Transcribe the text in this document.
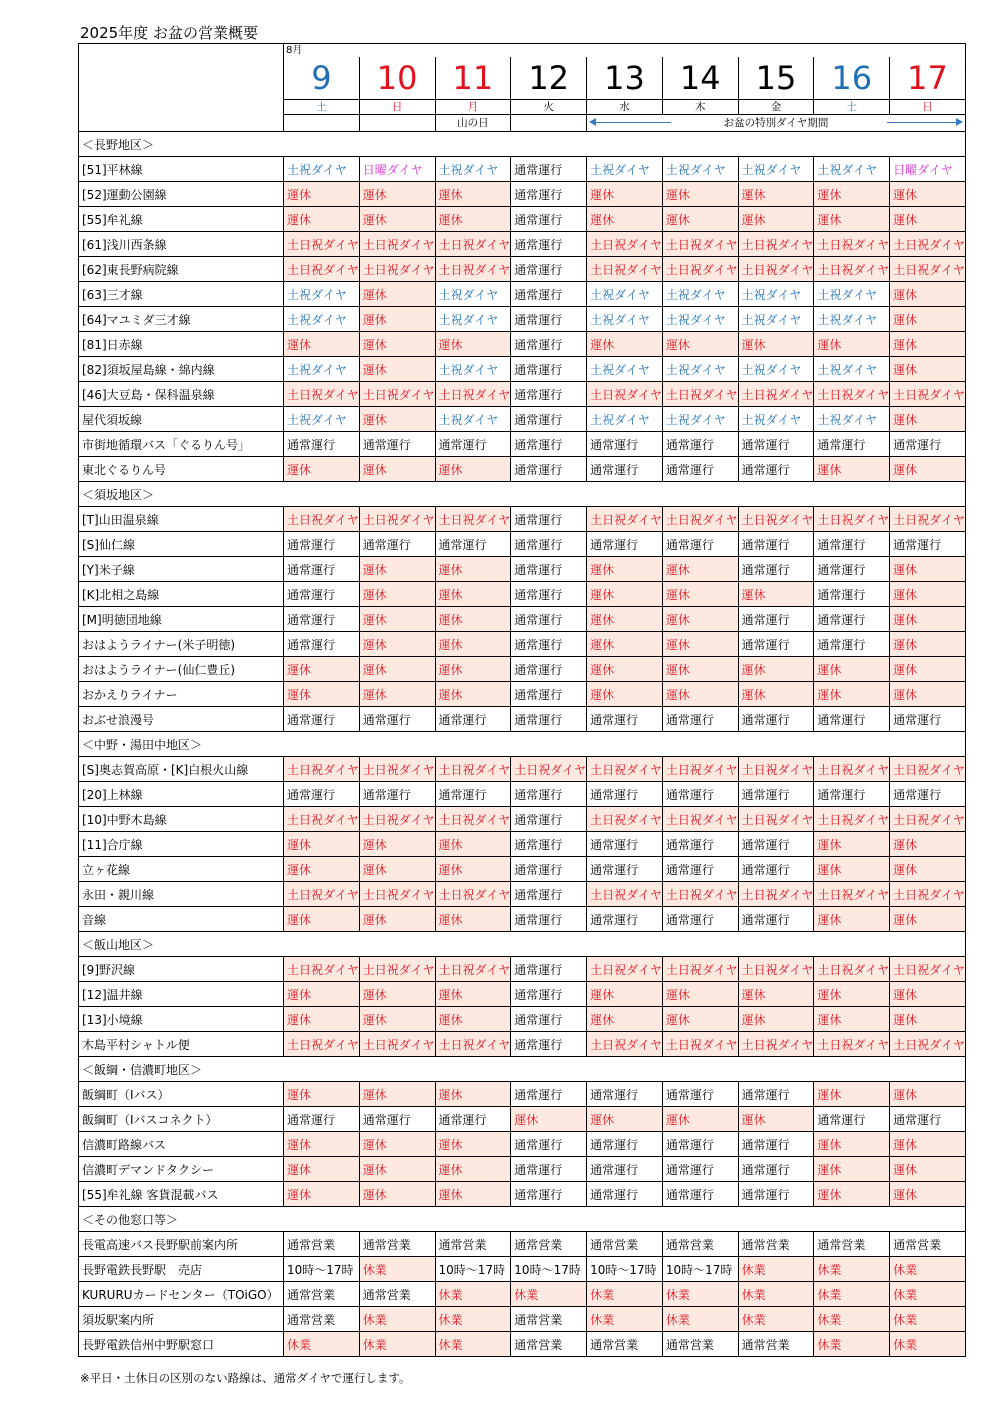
2025年度 お盆の営業概要
	8月								
	9	10	11	12	13	14	15	16	17
	土	日	月	火	水	木	金	土	日
			山の日		お盆の特別ダイヤ期間				

＜長野地区＞									
[51]平林線	土祝ダイヤ	日曜ダイヤ	土祝ダイヤ	通常運行	土祝ダイヤ	土祝ダイヤ	土祝ダイヤ	土祝ダイヤ	日曜ダイヤ
[52]運動公園線	運休	運休	運休	通常運行	運休	運休	運休	運休	運休
[55]牟礼線	運休	運休	運休	通常運行	運休	運休	運休	運休	運休
[61]浅川西条線	土日祝ダイヤ	土日祝ダイヤ	土日祝ダイヤ	通常運行	土日祝ダイヤ	土日祝ダイヤ	土日祝ダイヤ	土日祝ダイヤ	土日祝ダイヤ
[62]東長野病院線	土日祝ダイヤ	土日祝ダイヤ	土日祝ダイヤ	通常運行	土日祝ダイヤ	土日祝ダイヤ	土日祝ダイヤ	土日祝ダイヤ	土日祝ダイヤ
[63]三才線	土祝ダイヤ	運休	土祝ダイヤ	通常運行	土祝ダイヤ	土祝ダイヤ	土祝ダイヤ	土祝ダイヤ	運休
[64]マユミダ三才線	土祝ダイヤ	運休	土祝ダイヤ	通常運行	土祝ダイヤ	土祝ダイヤ	土祝ダイヤ	土祝ダイヤ	運休
[81]日赤線	運休	運休	運休	通常運行	運休	運休	運休	運休	運休
[82]須坂屋島線・綿内線	土祝ダイヤ	運休	土祝ダイヤ	通常運行	土祝ダイヤ	土祝ダイヤ	土祝ダイヤ	土祝ダイヤ	運休
[46]大豆島・保科温泉線	土日祝ダイヤ	土日祝ダイヤ	土日祝ダイヤ	通常運行	土日祝ダイヤ	土日祝ダイヤ	土日祝ダイヤ	土日祝ダイヤ	土日祝ダイヤ
屋代須坂線	土祝ダイヤ	運休	土祝ダイヤ	通常運行	土祝ダイヤ	土祝ダイヤ	土祝ダイヤ	土祝ダイヤ	運休
市街地循環バス「ぐるりん号」	通常運行	通常運行	通常運行	通常運行	通常運行	通常運行	通常運行	通常運行	通常運行
東北ぐるりん号	運休	運休	運休	通常運行	通常運行	通常運行	通常運行	運休	運休
＜須坂地区＞									
[T]山田温泉線	土日祝ダイヤ	土日祝ダイヤ	土日祝ダイヤ	通常運行	土日祝ダイヤ	土日祝ダイヤ	土日祝ダイヤ	土日祝ダイヤ	土日祝ダイヤ
[S]仙仁線	通常運行	通常運行	通常運行	通常運行	通常運行	通常運行	通常運行	通常運行	通常運行
[Y]米子線	通常運行	運休	運休	通常運行	運休	運休	通常運行	通常運行	運休
[K]北相之島線	通常運行	運休	運休	通常運行	運休	運休	運休	通常運行	運休
[M]明徳団地線	通常運行	運休	運休	通常運行	運休	運休	通常運行	通常運行	運休
おはようライナー(米子明徳)	通常運行	運休	運休	通常運行	運休	運休	通常運行	通常運行	運休
おはようライナー(仙仁豊丘)	運休	運休	運休	通常運行	運休	運休	運休	運休	運休
おかえりライナー	運休	運休	運休	通常運行	運休	運休	運休	運休	運休
おぶせ浪漫号	通常運行	通常運行	通常運行	通常運行	通常運行	通常運行	通常運行	通常運行	通常運行
＜中野・湯田中地区＞									
[S]奥志賀高原・[K]白根火山線	土日祝ダイヤ	土日祝ダイヤ	土日祝ダイヤ	土日祝ダイヤ	土日祝ダイヤ	土日祝ダイヤ	土日祝ダイヤ	土日祝ダイヤ	土日祝ダイヤ
[20]上林線	通常運行	通常運行	通常運行	通常運行	通常運行	通常運行	通常運行	通常運行	通常運行
[10]中野木島線	土日祝ダイヤ	土日祝ダイヤ	土日祝ダイヤ	通常運行	土日祝ダイヤ	土日祝ダイヤ	土日祝ダイヤ	土日祝ダイヤ	土日祝ダイヤ
[11]合庁線	運休	運休	運休	通常運行	通常運行	通常運行	通常運行	運休	運休
立ヶ花線	運休	運休	運休	通常運行	通常運行	通常運行	通常運行	運休	運休
永田・親川線	土日祝ダイヤ	土日祝ダイヤ	土日祝ダイヤ	通常運行	土日祝ダイヤ	土日祝ダイヤ	土日祝ダイヤ	土日祝ダイヤ	土日祝ダイヤ
音線	運休	運休	運休	通常運行	通常運行	通常運行	通常運行	運休	運休
＜飯山地区＞									
[9]野沢線	土日祝ダイヤ	土日祝ダイヤ	土日祝ダイヤ	通常運行	土日祝ダイヤ	土日祝ダイヤ	土日祝ダイヤ	土日祝ダイヤ	土日祝ダイヤ
[12]温井線	運休	運休	運休	通常運行	運休	運休	運休	運休	運休
[13]小境線	運休	運休	運休	通常運行	運休	運休	運休	運休	運休
木島平村シャトル便	土日祝ダイヤ	土日祝ダイヤ	土日祝ダイヤ	通常運行	土日祝ダイヤ	土日祝ダイヤ	土日祝ダイヤ	土日祝ダイヤ	土日祝ダイヤ
＜飯綱・信濃町地区＞									
飯綱町（Iバス）	運休	運休	運休	通常運行	通常運行	通常運行	通常運行	運休	運休
飯綱町（Iバスコネクト）	通常運行	通常運行	通常運行	運休	運休	運休	運休	通常運行	通常運行
信濃町路線バス	運休	運休	運休	通常運行	通常運行	通常運行	通常運行	運休	運休
信濃町デマンドタクシー	運休	運休	運休	通常運行	通常運行	通常運行	通常運行	運休	運休
[55]牟礼線 客貨混載バス	運休	運休	運休	通常運行	通常運行	通常運行	通常運行	運休	運休
＜その他窓口等＞									
長電高速バス長野駅前案内所	通常営業	通常営業	通常営業	通常営業	通常営業	通常営業	通常営業	通常営業	通常営業
長野電鉄長野駅　売店	10時～17時	休業	10時～17時	10時～17時	10時～17時	10時～17時	休業	休業	休業
KURURUカードセンター（TOiGO）	通常営業	通常営業	休業	休業	休業	休業	休業	休業	休業
須坂駅案内所	通常営業	休業	休業	通常営業	休業	休業	休業	休業	休業
長野電鉄信州中野駅窓口	休業	休業	休業	通常営業	通常営業	通常営業	通常営業	休業	休業
※平日・土休日の区別のない路線は、通常ダイヤで運行します。
